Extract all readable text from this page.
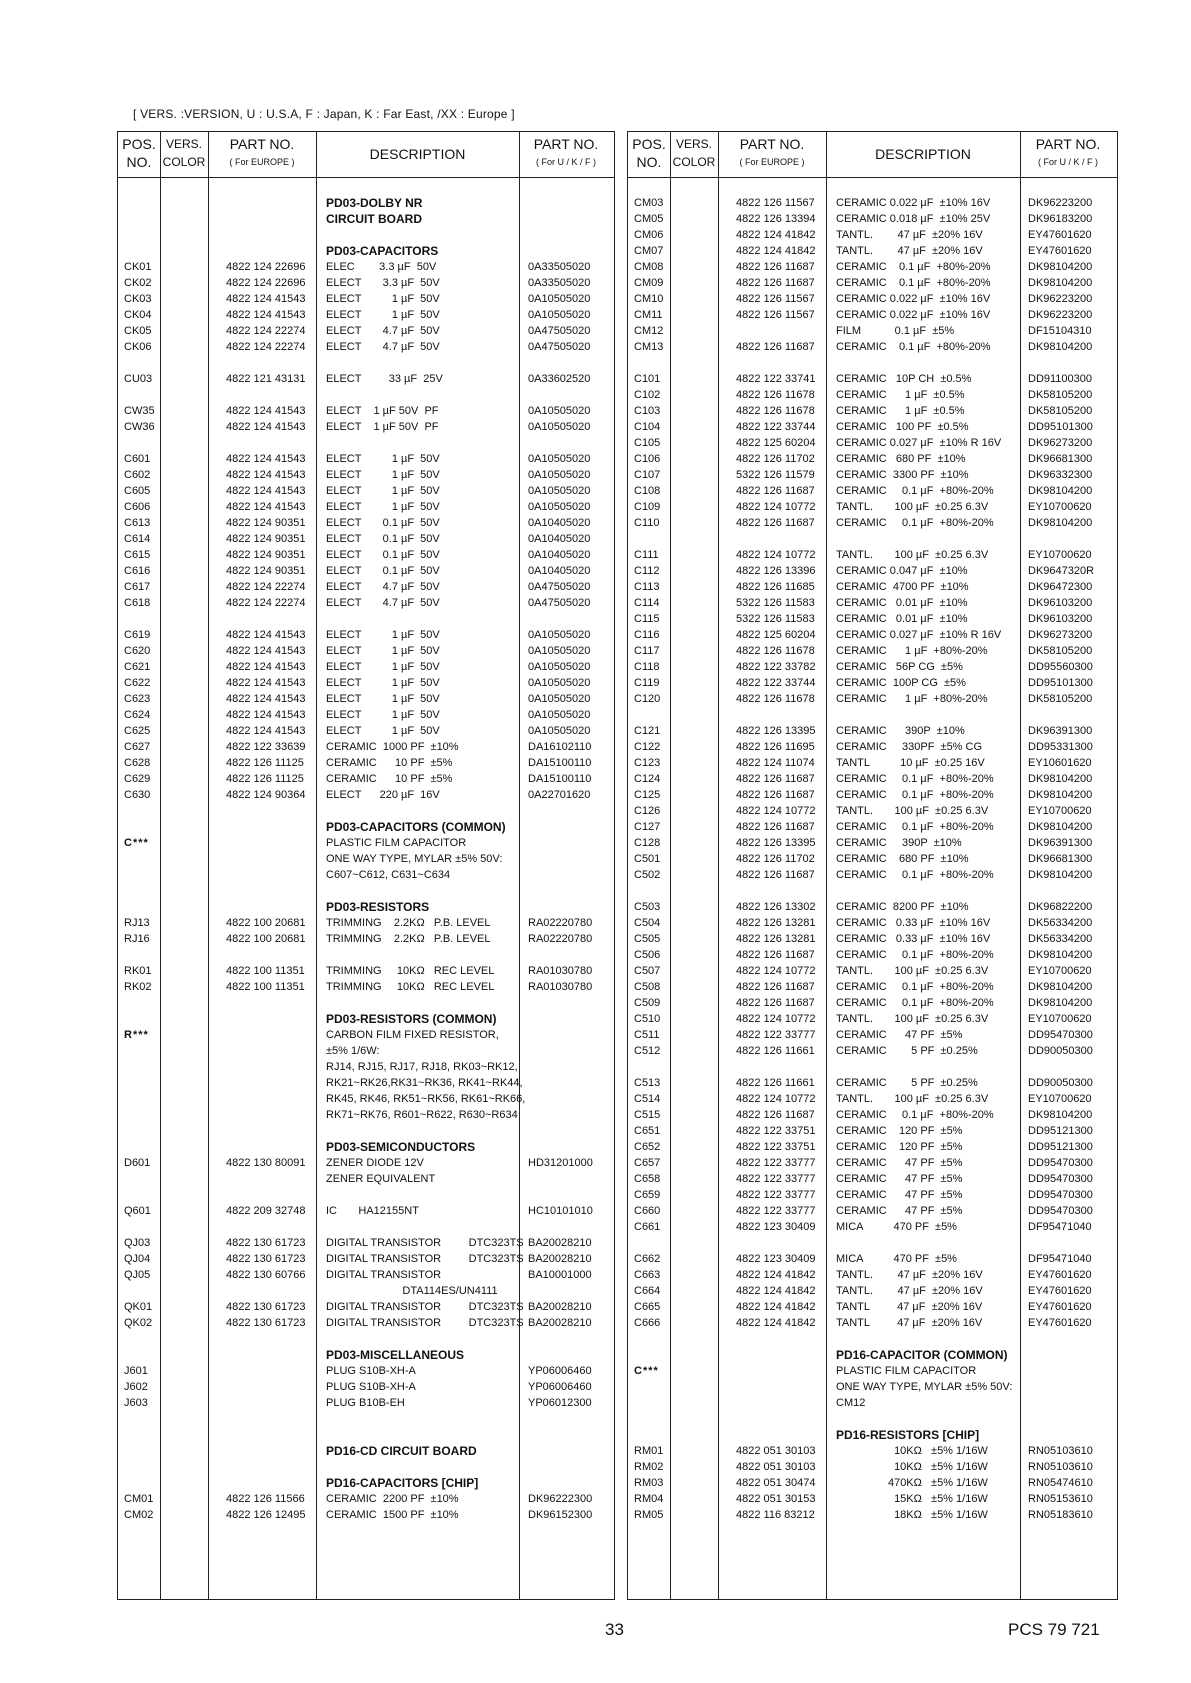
[ VERS. :VERSION, U : U.S.A, F : Japan, K : Far East, /XX : Europe ]
POS.
NO.
VERS.
COLOR
PART NO.
( For EUROPE )	DESCRIPTION
PART NO.
( For U / K / F )
PD03-DOLBY NR
CIRCUIT BOARD
PD03-CAPACITORS
CK01	4822 124 22696 ELEC        3.3 µF  50V	0A33505020
CK02	4822 124 22696 ELECT       3.3 µF  50V	0A33505020
CK03	4822 124 41543 ELECT          1 µF  50V	0A10505020
CK04	4822 124 41543 ELECT          1 µF  50V	0A10505020
CK05	4822 124 22274 ELECT       4.7 µF  50V	0A47505020
CK06	4822 124 22274 ELECT       4.7 µF  50V	0A47505020
CU03	4822 121 43131 ELECT         33 µF  25V	0A33602520
CW35	4822 124 41543 ELECT    1 µF 50V  PF	0A10505020
CW36	4822 124 41543 ELECT    1 µF 50V  PF	0A10505020
C601	4822 124 41543 ELECT          1 µF  50V	0A10505020
C602	4822 124 41543 ELECT          1 µF  50V	0A10505020
C605	4822 124 41543 ELECT          1 µF  50V	0A10505020
C606	4822 124 41543 ELECT          1 µF  50V	0A10505020
C613	4822 124 90351 ELECT       0.1 µF  50V	0A10405020
C614	4822 124 90351 ELECT       0.1 µF  50V	0A10405020
C615	4822 124 90351 ELECT       0.1 µF  50V	0A10405020
C616	4822 124 90351 ELECT       0.1 µF  50V	0A10405020
C617	4822 124 22274 ELECT       4.7 µF  50V	0A47505020
C618	4822 124 22274 ELECT       4.7 µF  50V	0A47505020
C619	4822 124 41543 ELECT          1 µF  50V	0A10505020
C620	4822 124 41543 ELECT          1 µF  50V	0A10505020
C621	4822 124 41543 ELECT          1 µF  50V	0A10505020
C622	4822 124 41543 ELECT          1 µF  50V	0A10505020
C623	4822 124 41543 ELECT          1 µF  50V	0A10505020
C624	4822 124 41543 ELECT          1 µF  50V	0A10505020
C625	4822 124 41543 ELECT          1 µF  50V	0A10505020
C627	4822 122 33639 CERAMIC  1000 PF  ±10%	DA16102110
C628	4822 126 11125 CERAMIC      10 PF  ±5%	DA15100110
C629	4822 126 11125 CERAMIC      10 PF  ±5%	DA15100110
C630	4822 124 90364 ELECT      220 µF  16V	0A22701620
PD03-CAPACITORS (COMMON)
C***	PLASTIC FILM CAPACITOR
ONE WAY TYPE, MYLAR ±5% 50V:
C607~C612, C631~C634
PD03-RESISTORS
RJ13	4822 100 20681 TRIMMING    2.2KΩ   P.B. LEVEL	RA02220780
RJ16	4822 100 20681 TRIMMING    2.2KΩ   P.B. LEVEL	RA02220780
RK01	4822 100 11351 TRIMMING     10KΩ   REC LEVEL	RA01030780
RK02	4822 100 11351 TRIMMING     10KΩ   REC LEVEL	RA01030780
PD03-RESISTORS (COMMON)
R***	CARBON FILM FIXED RESISTOR,
±5% 1/6W:
RJ14, RJ15, RJ17, RJ18, RK03~RK12,
RK21~RK26,RK31~RK36, RK41~RK44,
RK45, RK46, RK51~RK56, RK61~RK66,
RK71~RK76, R601~R622, R630~R634
PD03-SEMICONDUCTORS
D601	4822 130 80091 ZENER DIODE 12V	HD31201000
ZENER EQUIVALENT
Q601	4822 209 32748 IC       HA12155NT	HC10101010
QJ03	4822 130 61723 DIGITAL TRANSISTOR         DTC323TS BA20028210
QJ04	4822 130 61723 DIGITAL TRANSISTOR         DTC323TS BA20028210
QJ05	4822 130 60766 DIGITAL TRANSISTOR	BA10001000
DTA114ES/UN4111
QK01	4822 130 61723 DIGITAL TRANSISTOR         DTC323TS BA20028210
QK02	4822 130 61723 DIGITAL TRANSISTOR         DTC323TS BA20028210
PD03-MISCELLANEOUS
J601	PLUG S10B-XH-A	YP06006460
J602	PLUG S10B-XH-A	YP06006460
J603	PLUG B10B-EH	YP06012300
PD16-CD CIRCUIT BOARD
PD16-CAPACITORS [CHIP]
CM01	4822 126 11566 CERAMIC  2200 PF  ±10%	DK96222300
CM02	4822 126 12495 CERAMIC  1500 PF  ±10%	DK96152300
POS.
NO.
VERS.
COLOR
PART NO.
( For EUROPE )	DESCRIPTION
PART NO.
( For U / K / F )
CM03	4822 126 11567 CERAMIC 0.022 µF  ±10% 16V	DK96223200
CM05	4822 126 13394 CERAMIC 0.018 µF  ±10% 25V	DK96183200
CM06	4822 124 41842 TANTL.        47 µF  ±20% 16V	EY47601620
CM07	4822 124 41842 TANTL.        47 µF  ±20% 16V	EY47601620
CM08	4822 126 11687 CERAMIC    0.1 µF  +80%-20%	DK98104200
CM09	4822 126 11687 CERAMIC    0.1 µF  +80%-20%	DK98104200
CM10	4822 126 11567 CERAMIC 0.022 µF  ±10% 16V	DK96223200
CM11	4822 126 11567 CERAMIC 0.022 µF  ±10% 16V	DK96223200
CM12	FILM           0.1 µF  ±5%	DF15104310
CM13	4822 126 11687 CERAMIC    0.1 µF  +80%-20%	DK98104200
C101	4822 122 33741 CERAMIC   10P CH  ±0.5%	DD91100300
C102	4822 126 11678 CERAMIC      1 µF  ±0.5%	DK58105200
C103	4822 126 11678 CERAMIC      1 µF  ±0.5%	DK58105200
C104	4822 122 33744 CERAMIC   100 PF  ±0.5%	DD95101300
C105	4822 125 60204 CERAMIC 0.027 µF  ±10% R 16V DK96273200
C106	4822 126 11702 CERAMIC   680 PF  ±10%	DK96681300
C107	5322 126 11579 CERAMIC  3300 PF  ±10%	DK96332300
C108	4822 126 11687 CERAMIC     0.1 µF  +80%-20%	DK98104200
C109	4822 124 10772 TANTL.       100 µF  ±0.25 6.3V	EY10700620
C110	4822 126 11687 CERAMIC     0.1 µF  +80%-20%	DK98104200
C111	4822 124 10772 TANTL.       100 µF  ±0.25 6.3V	EY10700620
C112	4822 126 13396 CERAMIC 0.047 µF  ±10%	DK9647320R
C113	4822 126 11685 CERAMIC  4700 PF  ±10%	DK96472300
C114	5322 126 11583 CERAMIC   0.01 µF  ±10%	DK96103200
C115	5322 126 11583 CERAMIC   0.01 µF  ±10%	DK96103200
C116	4822 125 60204 CERAMIC 0.027 µF  ±10% R 16V DK96273200
C117	4822 126 11678 CERAMIC      1 µF  +80%-20%	DK58105200
C118	4822 122 33782 CERAMIC   56P CG  ±5%	DD95560300
C119	4822 122 33744 CERAMIC  100P CG  ±5%	DD95101300
C120	4822 126 11678 CERAMIC      1 µF  +80%-20%	DK58105200
C121	4822 126 13395 CERAMIC      390P  ±10%	DK96391300
C122	4822 126 11695 CERAMIC     330PF  ±5% CG	DD95331300
C123	4822 124 11074 TANTL          10 µF  ±0.25 16V	EY10601620
C124	4822 126 11687 CERAMIC     0.1 µF  +80%-20%	DK98104200
C125	4822 126 11687 CERAMIC     0.1 µF  +80%-20%	DK98104200
C126	4822 124 10772 TANTL.       100 µF  ±0.25 6.3V	EY10700620
C127	4822 126 11687 CERAMIC     0.1 µF  +80%-20%	DK98104200
C128	4822 126 13395 CERAMIC     390P  ±10%	DK96391300
C501	4822 126 11702 CERAMIC    680 PF  ±10%	DK96681300
C502	4822 126 11687 CERAMIC     0.1 µF  +80%-20%	DK98104200
C503	4822 126 13302 CERAMIC  8200 PF  ±10%	DK96822200
C504	4822 126 13281 CERAMIC   0.33 µF  ±10% 16V	DK56334200
C505	4822 126 13281 CERAMIC   0.33 µF  ±10% 16V	DK56334200
C506	4822 126 11687 CERAMIC     0.1 µF  +80%-20%	DK98104200
C507	4822 124 10772 TANTL.       100 µF  ±0.25 6.3V	EY10700620
C508	4822 126 11687 CERAMIC     0.1 µF  +80%-20%	DK98104200
C509	4822 126 11687 CERAMIC     0.1 µF  +80%-20%	DK98104200
C510	4822 124 10772 TANTL.       100 µF  ±0.25 6.3V	EY10700620
C511	4822 122 33777 CERAMIC      47 PF  ±5%	DD95470300
C512	4822 126 11661 CERAMIC        5 PF  ±0.25%	DD90050300
C513	4822 126 11661 CERAMIC        5 PF  ±0.25%	DD90050300
C514	4822 124 10772 TANTL.       100 µF  ±0.25 6.3V	EY10700620
C515	4822 126 11687 CERAMIC     0.1 µF  +80%-20%	DK98104200
C651	4822 122 33751 CERAMIC    120 PF  ±5%	DD95121300
C652	4822 122 33751 CERAMIC    120 PF  ±5%	DD95121300
C657	4822 122 33777 CERAMIC      47 PF  ±5%	DD95470300
C658	4822 122 33777 CERAMIC      47 PF  ±5%	DD95470300
C659	4822 122 33777 CERAMIC      47 PF  ±5%	DD95470300
C660	4822 122 33777 CERAMIC      47 PF  ±5%	DD95470300
C661	4822 123 30409 MICA          470 PF  ±5%	DF95471040
C662	4822 123 30409 MICA          470 PF  ±5%	DF95471040
C663	4822 124 41842 TANTL.        47 µF  ±20% 16V	EY47601620
C664	4822 124 41842 TANTL.        47 µF  ±20% 16V	EY47601620
C665	4822 124 41842 TANTL         47 µF  ±20% 16V	EY47601620
C666	4822 124 41842 TANTL         47 µF  ±20% 16V	EY47601620
PD16-CAPACITOR (COMMON)
C***	PLASTIC FILM CAPACITOR
ONE WAY TYPE, MYLAR ±5% 50V:
CM12
PD16-RESISTORS [CHIP]
RM01	4822 051 30103 10KΩ   ±5% 1/16W	RN05103610
RM02	4822 051 30103 10KΩ   ±5% 1/16W	RN05103610
RM03	4822 051 30474 470KΩ   ±5% 1/16W	RN05474610
RM04	4822 051 30153 15KΩ   ±5% 1/16W	RN05153610
RM05	4822 116 83212 18KΩ   ±5% 1/16W	RN05183610
33	PCS 79 721
